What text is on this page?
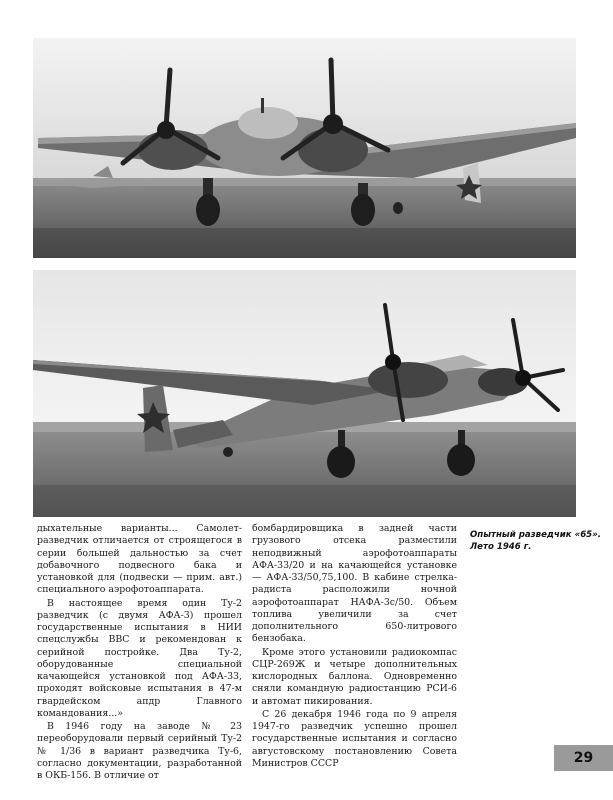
Опытный разведчик «65».
Лето 1946 г.

дыхательные варианты... Самолет-разведчик отличается от строящегося в серии большей дальностью за счет добавочного подвесного бака и установкой для (подвески — прим. авт.) специального аэрофотоаппарата.

В настоящее время один Ту-2 разведчик (с двумя АФА-3) прошел государственные испытания в НИИ спецслужбы ВВС и рекомендован к серийной постройке. Два Ту-2, оборудованные специальной качающейся установкой под АФА-33, проходят войсковые испытания в 47-м гвардейском апдр Главного командования...»

В 1946 году на заводе № 23 переоборудовали первый серийный Ту-2 № 1/36 в вариант разведчика Ту-6, согласно документации, разработанной в ОКБ-156. В отличие от

бомбардировщика в задней части грузового отсека разместили неподвижный аэрофотоаппараты АФА-33/20 и на качающейся установке — АФА-33/50,75,100. В кабине стрелка-радиста расположили ночной аэрофотоаппарат НАФА-3с/50. Объем топлива увеличили за счет дополнительного 650-литрового бензобака.

Кроме этого установили радиокомпас СЦР-269Ж и четыре дополнительных кислородных баллона. Одновременно сняли командную радиостанцию РСИ-6 и автомат пикирования.

С 26 декабря 1946 года по 9 апреля 1947-го разведчик успешно прошел государственные испытания и согласно августовскому постановлению Совета Министров СССР	29
